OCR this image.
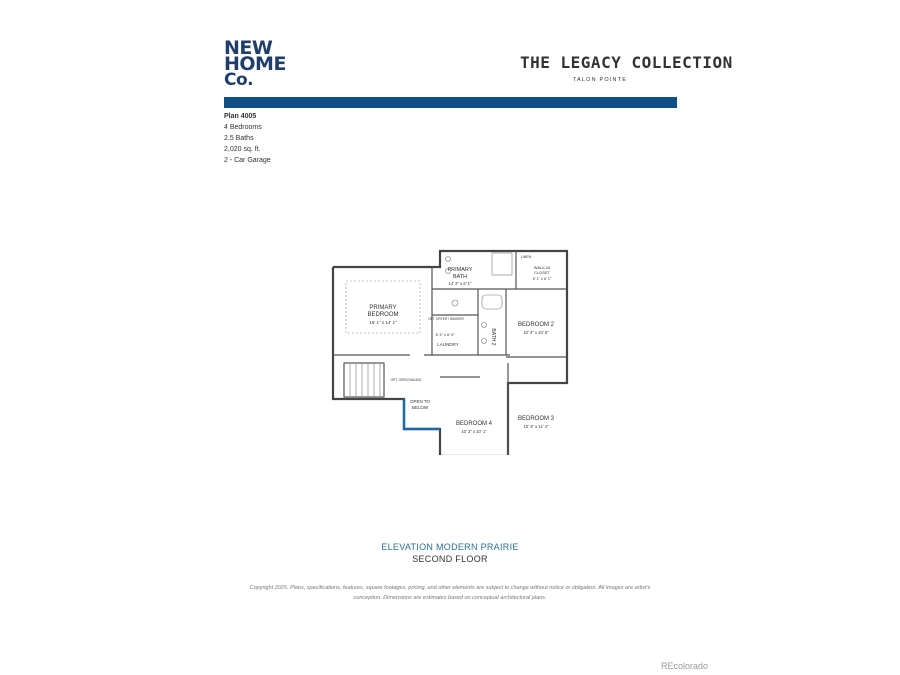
NEW
HOME
Co.
THE LEGACY COLLECTION
TALON POINTE
Plan 4005
4 Bedrooms
2.5 Baths
2,020 sq. ft.
2 - Car Garage
PRIMARY
BEDROOM
16' 1" x 14' 1"
PRIMARY
BATH
14' 2" x 6' 1"
WALK-IN
CLOSET
8' 1" x 6' 1"
LINEN
OPT. DRYER / WASHER
6' 4" x 6' 0"
LAUNDRY	BATH 2
BEDROOM 2
10' 3" x 10' 6"
BEDROOM 3
10' 3" x 11' 4"
BEDROOM 4
10' 2" x 10' 1"
OPEN TO
BELOW
OPT. OPEN RAILING
ELEVATION MODERN PRAIRIE
SECOND FLOOR
Copyright 2025. Plans, specifications, features, square footages, pricing, and other elements are subject to change without notice or obligation. All images are artist's conception. Dimensions are estimates based on conceptual architectural plans.
REcolorado
